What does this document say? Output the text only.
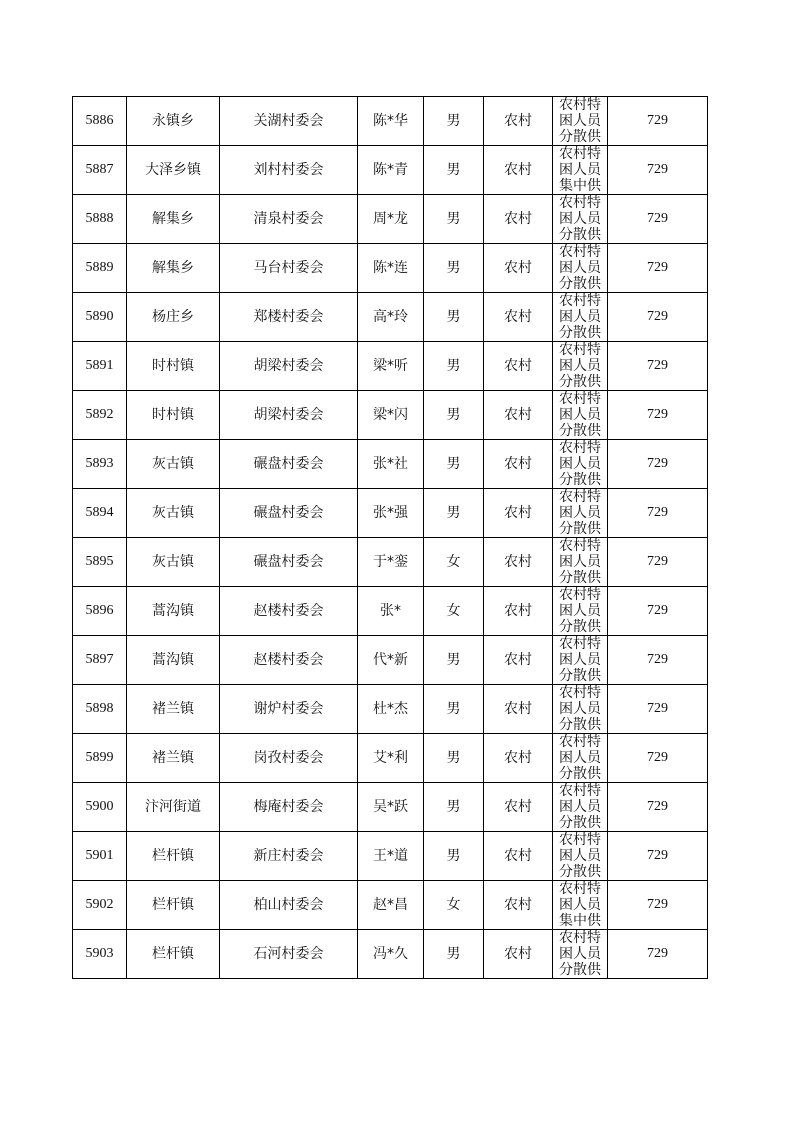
5886	永镇乡	关湖村委会	陈*华	男	农村	农村特困人员分散供	729
5887	大泽乡镇	刘村村委会	陈*青	男	农村	农村特困人员集中供	729
5888	解集乡	清泉村委会	周*龙	男	农村	农村特困人员分散供	729
5889	解集乡	马台村委会	陈*连	男	农村	农村特困人员分散供	729
5890	杨庄乡	郑楼村委会	高*玲	男	农村	农村特困人员分散供	729
5891	时村镇	胡梁村委会	梁*听	男	农村	农村特困人员分散供	729
5892	时村镇	胡梁村委会	梁*闪	男	农村	农村特困人员分散供	729
5893	灰古镇	碾盘村委会	张*社	男	农村	农村特困人员分散供	729
5894	灰古镇	碾盘村委会	张*强	男	农村	农村特困人员分散供	729
5895	灰古镇	碾盘村委会	于*銮	女	农村	农村特困人员分散供	729
5896	蒿沟镇	赵楼村委会	张*	女	农村	农村特困人员分散供	729
5897	蒿沟镇	赵楼村委会	代*新	男	农村	农村特困人员分散供	729
5898	褚兰镇	谢炉村委会	杜*杰	男	农村	农村特困人员分散供	729
5899	褚兰镇	岗孜村委会	艾*利	男	农村	农村特困人员分散供	729
5900	汴河街道	梅庵村委会	吴*跃	男	农村	农村特困人员分散供	729
5901	栏杆镇	新庄村委会	王*道	男	农村	农村特困人员分散供	729
5902	栏杆镇	柏山村委会	赵*昌	女	农村	农村特困人员集中供	729
5903	栏杆镇	石河村委会	冯*久	男	农村	农村特困人员分散供	729
